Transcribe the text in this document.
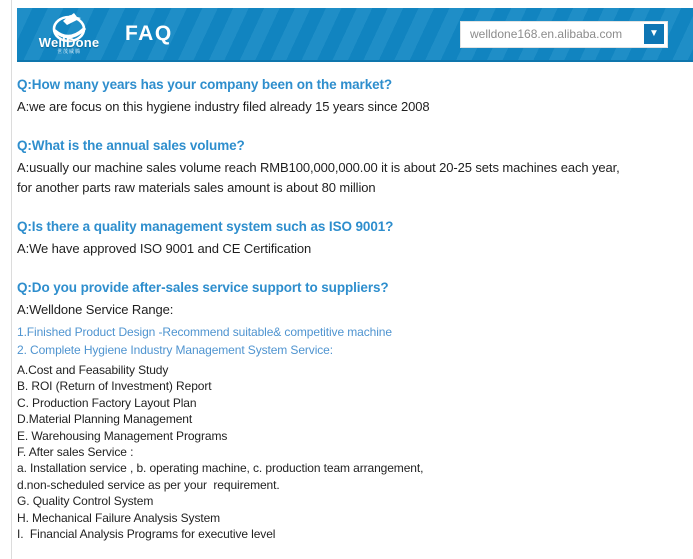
WellDone
世茂威腾
FAQ	welldone168.en.alibaba.com	▼
Q:How many years has your company been on the market?
A:we are focus on this hygiene industry filed already 15 years since 2008
Q:What is the annual sales volume?
A:usually our machine sales volume reach RMB100,000,000.00 it is about 20-25 sets machines each year,
for another parts raw materials sales amount is about 80 million
Q:Is there a quality management system such as ISO 9001?
A:We have approved ISO 9001 and CE Certification
Q:Do you provide after-sales service support to suppliers?
A:Welldone Service Range:
1.Finished Product Design -Recommend suitable& competitive machine
2. Complete Hygiene Industry Management System Service:
A.Cost and Feasability Study
B. ROI (Return of Investment) Report
C. Production Factory Layout Plan
D.Material Planning Management
E. Warehousing Management Programs
F. After sales Service :
a. Installation service , b. operating machine, c. production team arrangement,
d.non-scheduled service as per your  requirement.
G. Quality Control System
H. Mechanical Failure Analysis System
I.  Financial Analysis Programs for executive level
